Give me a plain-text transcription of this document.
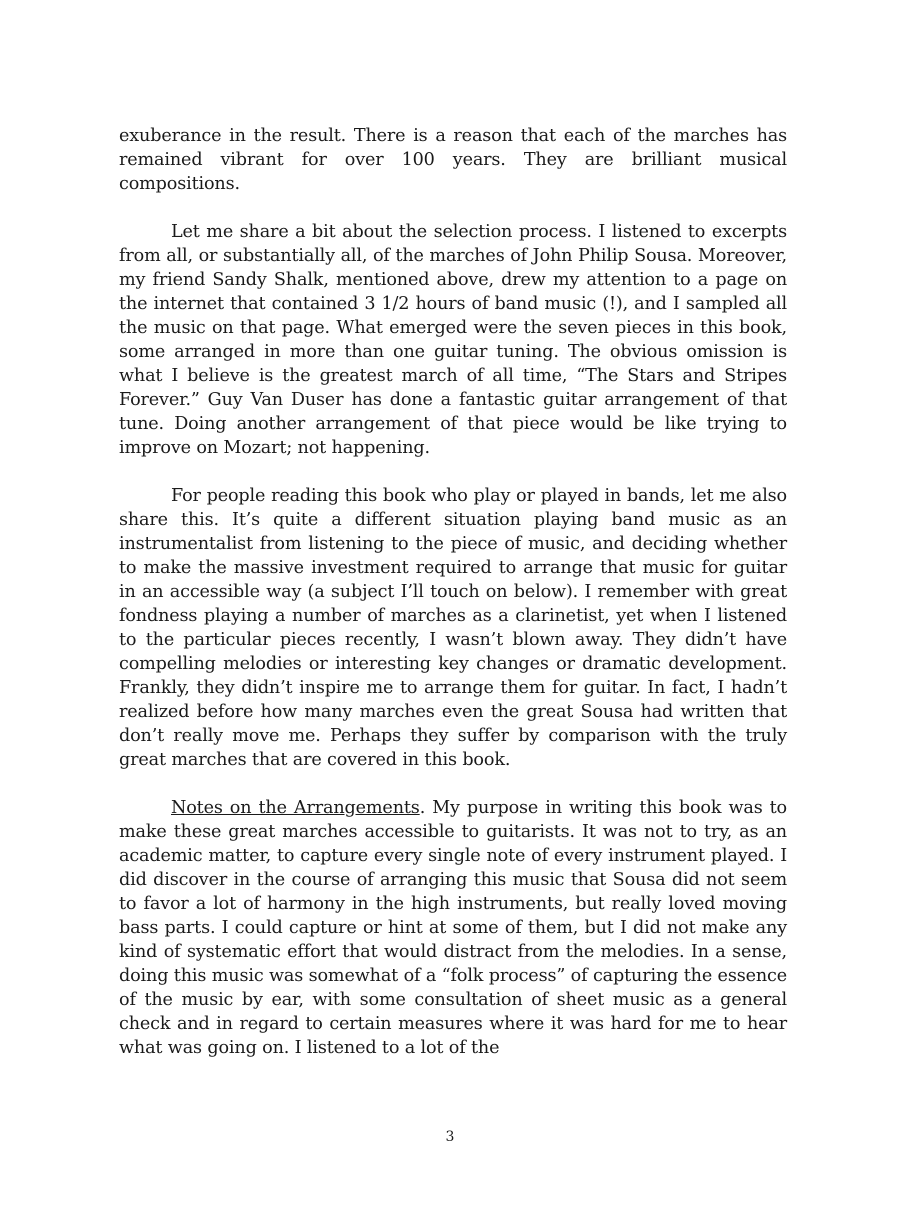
exuberance in the result. There is a reason that each of the marches has remained vibrant for over 100 years. They are brilliant musical compositions.

Let me share a bit about the selection process. I listened to excerpts from all, or substantially all, of the marches of John Philip Sousa. Moreover, my friend Sandy Shalk, mentioned above, drew my attention to a page on the internet that contained 3 1/2 hours of band music (!), and I sampled all the music on that page. What emerged were the seven pieces in this book, some arranged in more than one guitar tuning. The obvious omission is what I believe is the greatest march of all time, “The Stars and Stripes Forever.” Guy Van Duser has done a fantastic guitar arrangement of that tune. Doing another arrangement of that piece would be like trying to improve on Mozart; not happening.

For people reading this book who play or played in bands, let me also share this. It’s quite a different situation playing band music as an instrumentalist from listening to the piece of music, and deciding whether to make the massive investment required to arrange that music for guitar in an accessible way (a subject I’ll touch on below). I remember with great fondness playing a number of marches as a clarinetist, yet when I listened to the particular pieces recently, I wasn’t blown away. They didn’t have compelling melodies or interesting key changes or dramatic development. Frankly, they didn’t inspire me to arrange them for guitar. In fact, I hadn’t realized before how many marches even the great Sousa had written that don’t really move me. Perhaps they suffer by comparison with the truly great marches that are covered in this book.

Notes on the Arrangements. My purpose in writing this book was to make these great marches accessible to guitarists. It was not to try, as an academic matter, to capture every single note of every instrument played. I did discover in the course of arranging this music that Sousa did not seem to favor a lot of harmony in the high instruments, but really loved moving bass parts. I could capture or hint at some of them, but I did not make any kind of systematic effort that would distract from the melodies. In a sense, doing this music was somewhat of a “folk process” of capturing the essence of the music by ear, with some consultation of sheet music as a general check and in regard to certain measures where it was hard for me to hear what was going on. I listened to a lot of the

3
